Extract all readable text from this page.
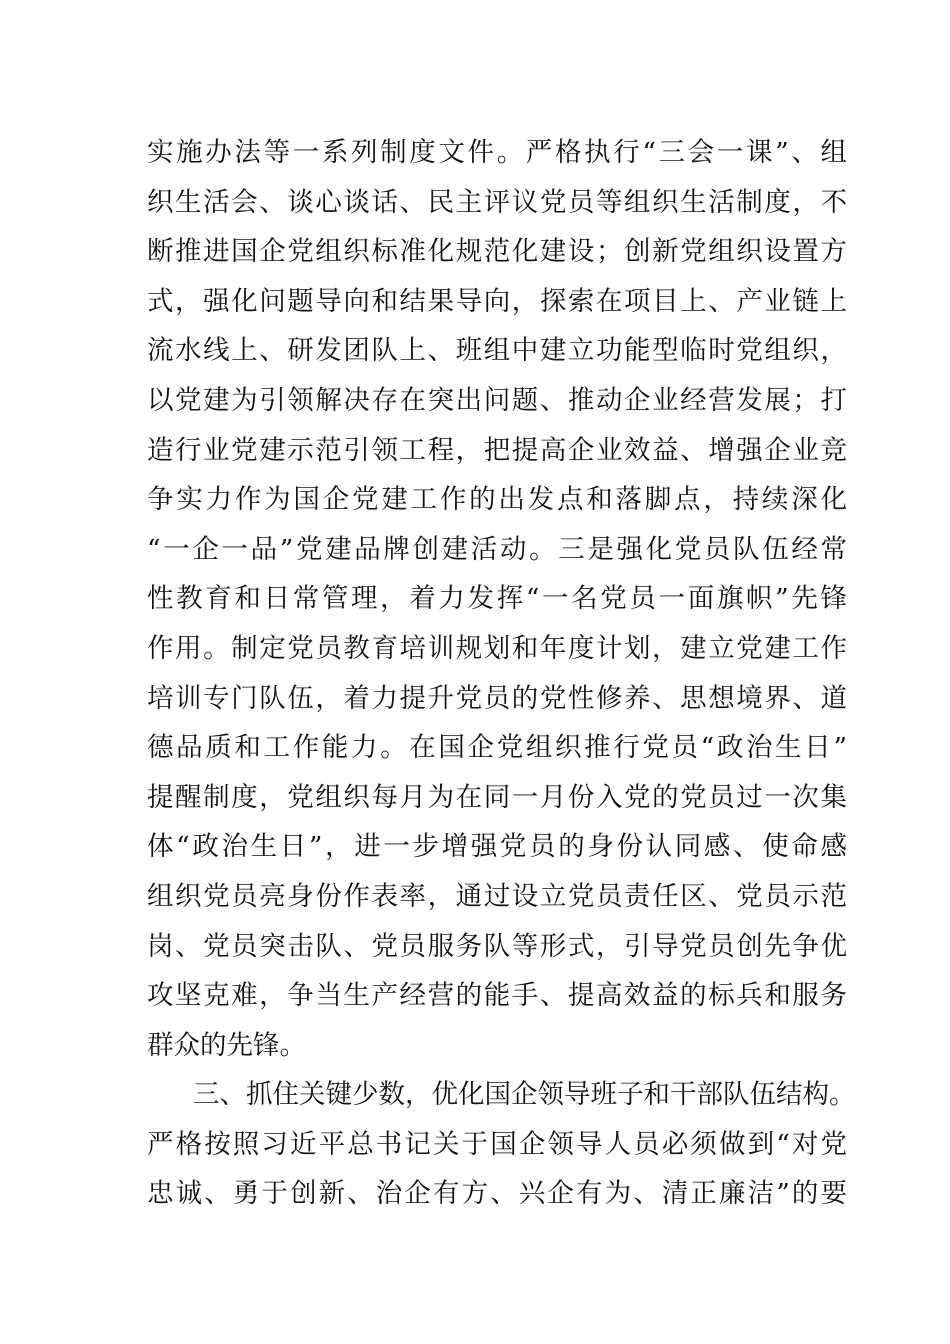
实施办法等一系列制度文件。严格执行“三会一课”、组
织生活会、谈心谈话、民主评议党员等组织生活制度，不
断推进国企党组织标准化规范化建设；创新党组织设置方
式，强化问题导向和结果导向，探索在项目上、产业链上
流水线上、研发团队上、班组中建立功能型临时党组织，
以党建为引领解决存在突出问题、推动企业经营发展；打
造行业党建示范引领工程，把提高企业效益、增强企业竞
争实力作为国企党建工作的出发点和落脚点，持续深化
“一企一品”党建品牌创建活动。三是强化党员队伍经常
性教育和日常管理，着力发挥“一名党员一面旗帜”先锋
作用。制定党员教育培训规划和年度计划，建立党建工作
培训专门队伍，着力提升党员的党性修养、思想境界、道
德品质和工作能力。在国企党组织推行党员“政治生日”
提醒制度，党组织每月为在同一月份入党的党员过一次集
体“政治生日”，进一步增强党员的身份认同感、使命感
组织党员亮身份作表率，通过设立党员责任区、党员示范
岗、党员突击队、党员服务队等形式，引导党员创先争优
攻坚克难，争当生产经营的能手、提高效益的标兵和服务
群众的先锋。
三、抓住关键少数，优化国企领导班子和干部队伍结构。
严格按照习近平总书记关于国企领导人员必须做到“对党
忠诚、勇于创新、治企有方、兴企有为、清正廉洁”的要
